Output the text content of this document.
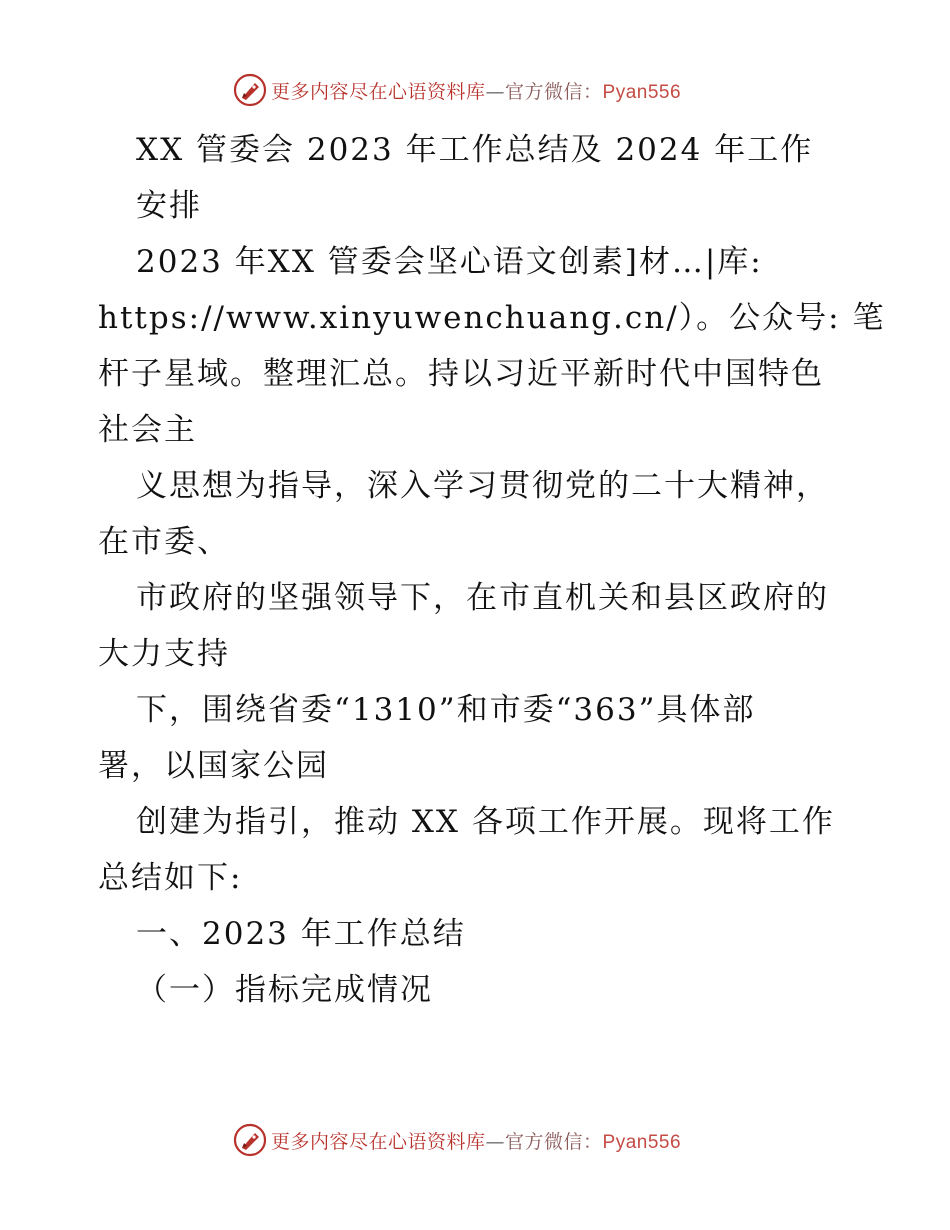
更多内容尽在心语资料库—官方微信：Pyan556
XX 管委会 2023 年工作总结及 2024 年工作
安排
2023 年XX 管委会坚心语文创素]材…|库:
https://www.xinyuwenchuang.cn/）。公众号: 笔
杆子星域。整理汇总。持以习近平新时代中国特色
社会主
义思想为指导，深入学习贯彻党的二十大精神，
在市委、
市政府的坚强领导下，在市直机关和县区政府的
大力支持
下，围绕省委“1310”和市委“363”具体部
署，以国家公园
创建为指引，推动 XX 各项工作开展。现将工作
总结如下:
一、2023 年工作总结
（一）指标完成情况
更多内容尽在心语资料库—官方微信：Pyan556
